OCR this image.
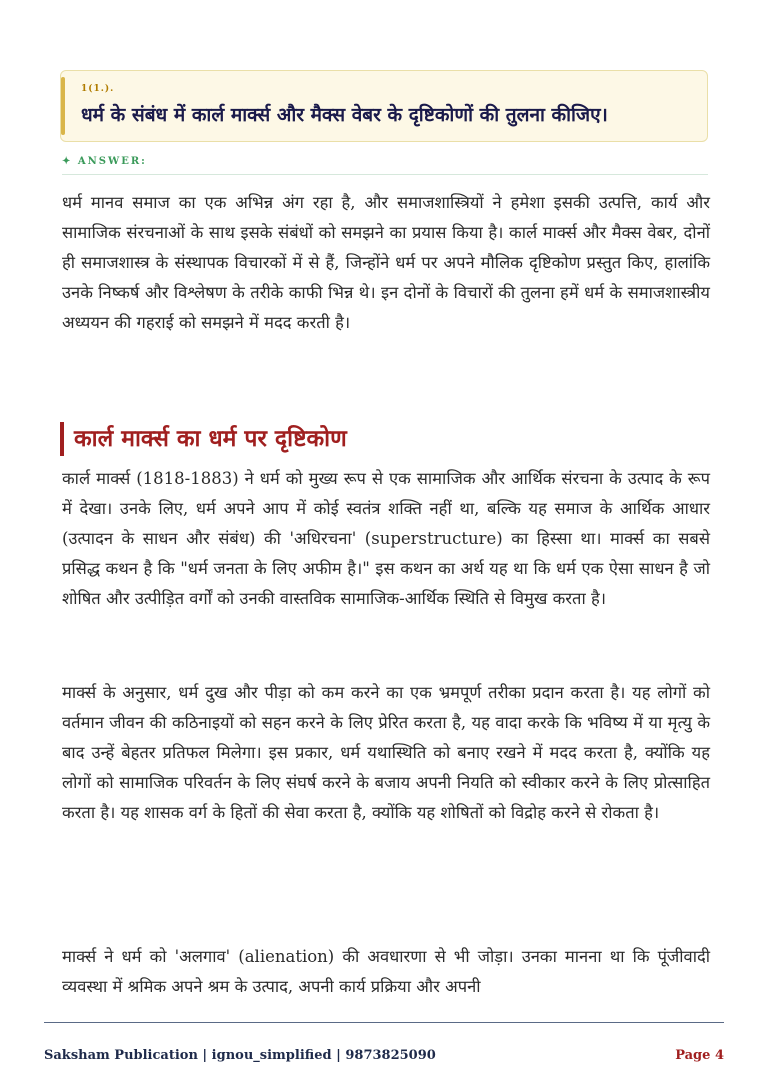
1(1.).
धर्म के संबंध में कार्ल मार्क्स और मैक्स वेबर के दृष्टिकोणों की तुलना कीजिए।
✦ ANSWER:
धर्म मानव समाज का एक अभिन्न अंग रहा है, और समाजशास्त्रियों ने हमेशा इसकी उत्पत्ति, कार्य और सामाजिक संरचनाओं के साथ इसके संबंधों को समझने का प्रयास किया है। कार्ल मार्क्स और मैक्स वेबर, दोनों ही समाजशास्त्र के संस्थापक विचारकों में से हैं, जिन्होंने धर्म पर अपने मौलिक दृष्टिकोण प्रस्तुत किए, हालांकि उनके निष्कर्ष और विश्लेषण के तरीके काफी भिन्न थे। इन दोनों के विचारों की तुलना हमें धर्म के समाजशास्त्रीय अध्ययन की गहराई को समझने में मदद करती है।
कार्ल मार्क्स का धर्म पर दृष्टिकोण
कार्ल मार्क्स (1818-1883) ने धर्म को मुख्य रूप से एक सामाजिक और आर्थिक संरचना के उत्पाद के रूप में देखा। उनके लिए, धर्म अपने आप में कोई स्वतंत्र शक्ति नहीं था, बल्कि यह समाज के आर्थिक आधार (उत्पादन के साधन और संबंध) की 'अधिरचना' (superstructure) का हिस्सा था। मार्क्स का सबसे प्रसिद्ध कथन है कि "धर्म जनता के लिए अफीम है।" इस कथन का अर्थ यह था कि धर्म एक ऐसा साधन है जो शोषित और उत्पीड़ित वर्गों को उनकी वास्तविक सामाजिक-आर्थिक स्थिति से विमुख करता है।
मार्क्स के अनुसार, धर्म दुख और पीड़ा को कम करने का एक भ्रमपूर्ण तरीका प्रदान करता है। यह लोगों को वर्तमान जीवन की कठिनाइयों को सहन करने के लिए प्रेरित करता है, यह वादा करके कि भविष्य में या मृत्यु के बाद उन्हें बेहतर प्रतिफल मिलेगा। इस प्रकार, धर्म यथास्थिति को बनाए रखने में मदद करता है, क्योंकि यह लोगों को सामाजिक परिवर्तन के लिए संघर्ष करने के बजाय अपनी नियति को स्वीकार करने के लिए प्रोत्साहित करता है। यह शासक वर्ग के हितों की सेवा करता है, क्योंकि यह शोषितों को विद्रोह करने से रोकता है।
मार्क्स ने धर्म को 'अलगाव' (alienation) की अवधारणा से भी जोड़ा। उनका मानना था कि पूंजीवादी व्यवस्था में श्रमिक अपने श्रम के उत्पाद, अपनी कार्य प्रक्रिया और अपनी
Saksham Publication | ignou_simplified | 9873825090	Page 4
